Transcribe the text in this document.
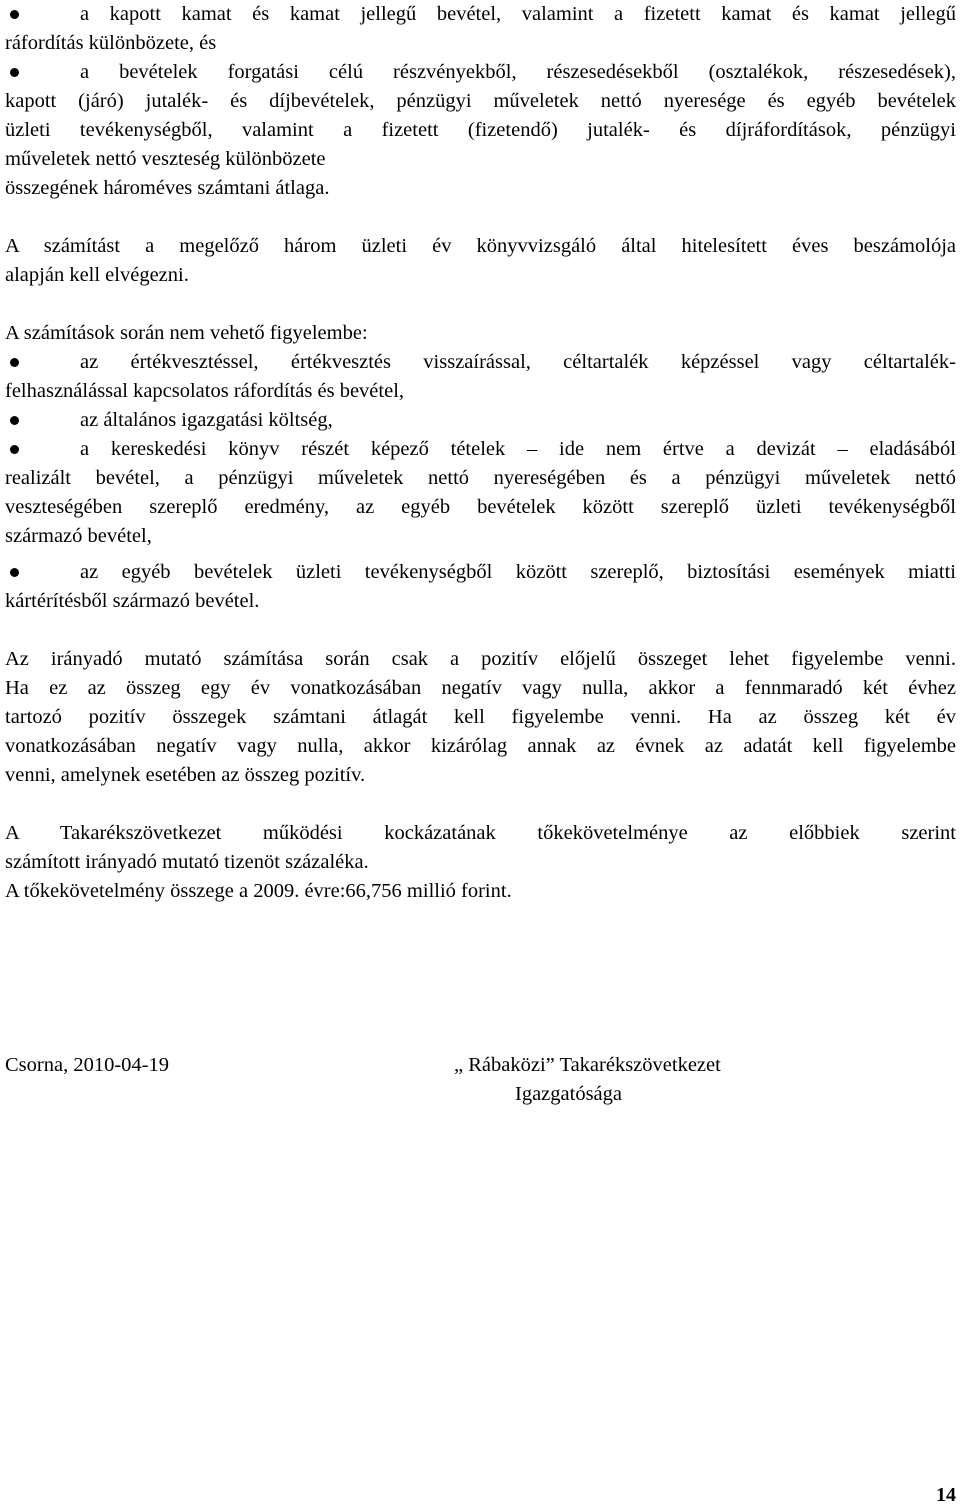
a kapott kamat és kamat jellegű bevétel, valamint a fizetett kamat és kamat jellegű
ráfordítás különbözete, és
a bevételek forgatási célú részvényekből, részesedésekből (osztalékok, részesedések),
kapott (járó) jutalék- és díjbevételek, pénzügyi műveletek nettó nyeresége és egyéb bevételek
üzleti tevékenységből, valamint a fizetett (fizetendő) jutalék- és díjráfordítások, pénzügyi
műveletek nettó veszteség különbözete
összegének hároméves számtani átlaga.
A számítást a megelőző három üzleti év könyvvizsgáló által hitelesített éves beszámolója
alapján kell elvégezni.
A számítások során nem vehető figyelembe:
az értékvesztéssel, értékvesztés visszaírással, céltartalék képzéssel vagy céltartalék-
felhasználással kapcsolatos ráfordítás és bevétel,
az általános igazgatási költség,
a kereskedési könyv részét képező tételek – ide nem értve a devizát – eladásából
realizált bevétel, a pénzügyi műveletek nettó nyereségében és a pénzügyi műveletek nettó
veszteségében szereplő eredmény, az egyéb bevételek között szereplő üzleti tevékenységből
származó bevétel,
az egyéb bevételek üzleti tevékenységből között szereplő, biztosítási események miatti
kártérítésből származó bevétel.
Az irányadó mutató számítása során csak a pozitív előjelű összeget lehet figyelembe venni.
Ha ez az összeg egy év vonatkozásában negatív vagy nulla, akkor a fennmaradó két évhez
tartozó pozitív összegek számtani átlagát kell figyelembe venni. Ha az összeg két év
vonatkozásában negatív vagy nulla, akkor kizárólag annak az évnek az adatát kell figyelembe
venni, amelynek esetében az összeg pozitív.
A Takarékszövetkezet működési kockázatának tőkekövetelménye az előbbiek szerint
számított irányadó mutató tizenöt százaléka.
A tőkekövetelmény összege a 2009. évre:66,756 millió forint.
Csorna, 2010-04-19	„ Rábaközi” Takarékszövetkezet
Igazgatósága
14
